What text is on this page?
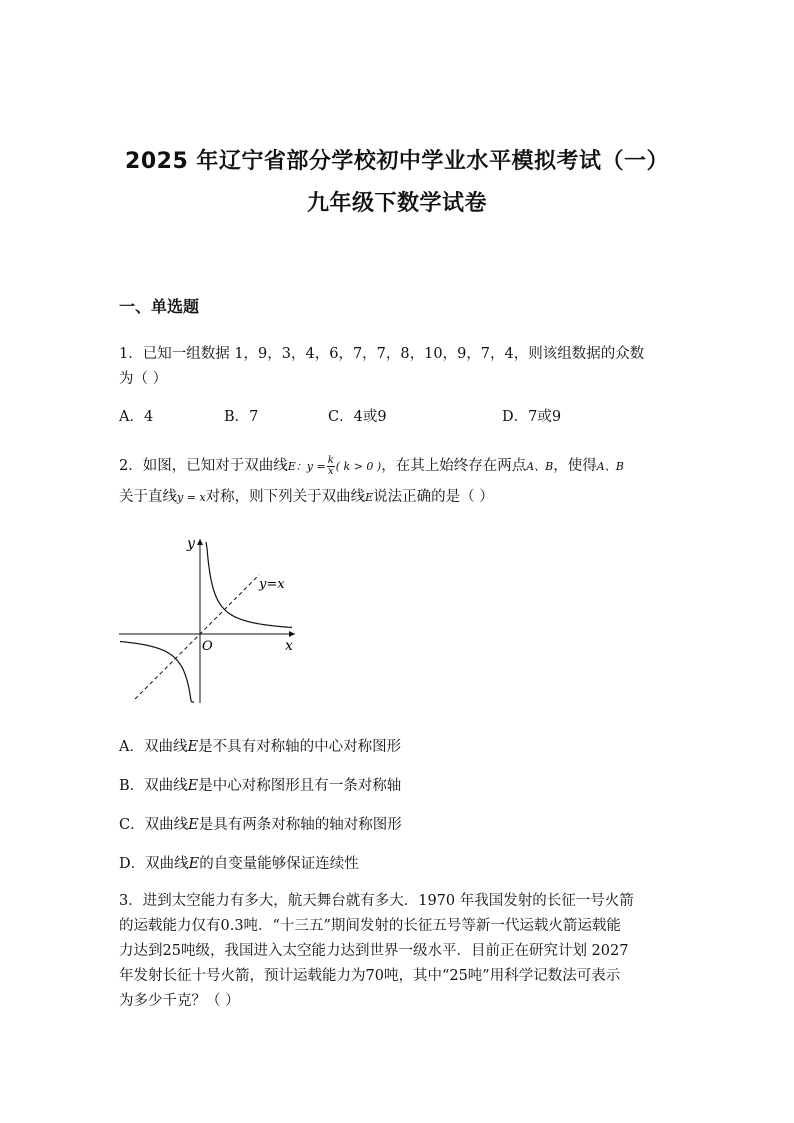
2025 年辽宁省部分学校初中学业水平模拟考试（一）
九年级下数学试卷
一、单选题
1．已知一组数据 1，9，3，4，6，7，7，8，10，9，7，4，则该组数据的众数
为（ ）
A．4	B．7	C．4或9	D．7或9
2．如图，已知对于双曲线E：$y = \frac{k}{x}$ ( k > 0 )，在其上始终存在两点A、B，使得A、B
关于直线y = x对称，则下列关于双曲线E说法正确的是（ ）
y
x
O
y=x
A．双曲线E是不具有对称轴的中心对称图形
B．双曲线E是中心对称图形且有一条对称轴
C．双曲线E是具有两条对称轴的轴对称图形
D．双曲线E的自变量能够保证连续性
3．进到太空能力有多大，航天舞台就有多大．1970 年我国发射的长征一号火箭
的运载能力仅有0.3吨．“十三五”期间发射的长征五号等新一代运载火箭运载能
力达到25吨级，我国进入太空能力达到世界一级水平．目前正在研究计划 2027
年发射长征十号火箭，预计运载能力为70吨，其中“25吨”用科学记数法可表示
为多少千克？（ ）
